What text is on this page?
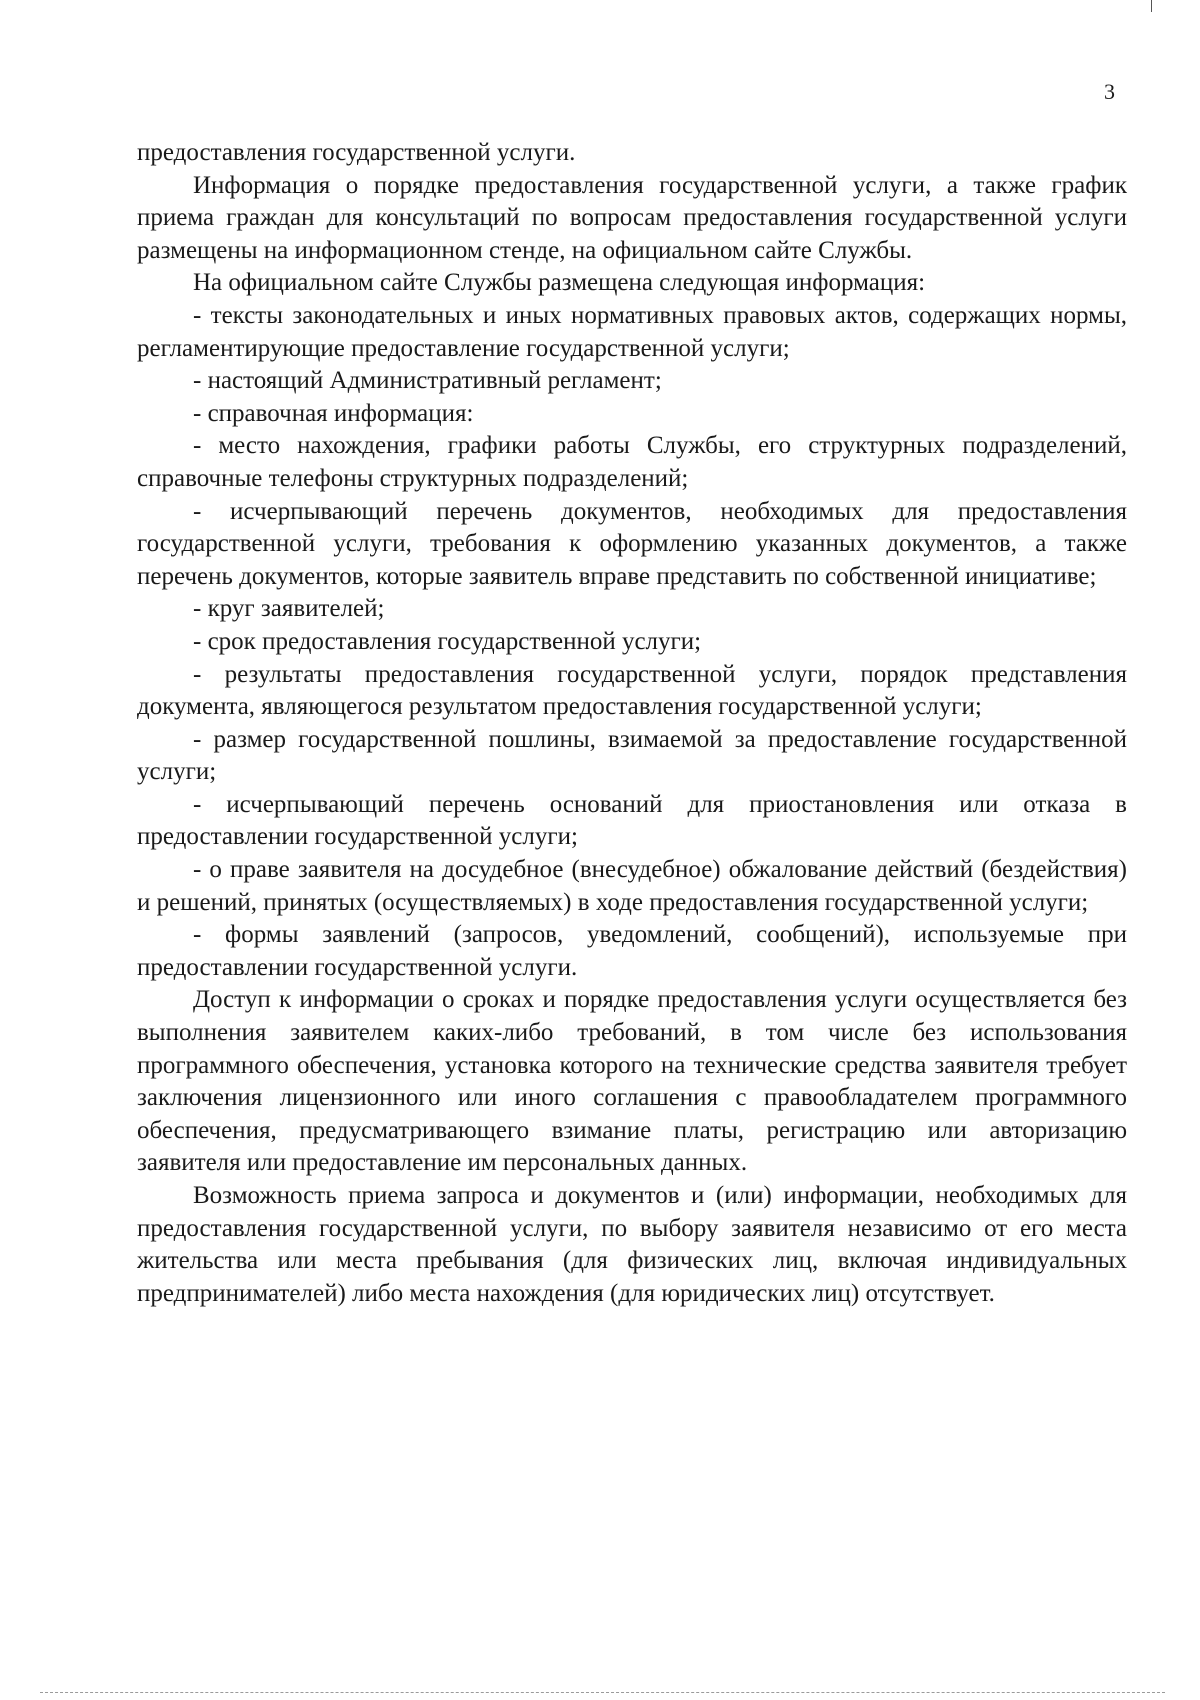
3

предоставления государственной услуги.

Информация о порядке предоставления государственной услуги, а также график приема граждан для консультаций по вопросам предоставления государственной услуги размещены на информационном стенде, на официальном сайте Службы.

На официальном сайте Службы размещена следующая информация:

- тексты законодательных и иных нормативных правовых актов, содержащих нормы, регламентирующие предоставление государственной услуги;

- настоящий Административный регламент;

- справочная информация:

- место нахождения, графики работы Службы, его структурных подразделений, справочные телефоны структурных подразделений;

- исчерпывающий перечень документов, необходимых для предоставления государственной услуги, требования к оформлению указанных документов, а также перечень документов, которые заявитель вправе представить по собственной инициативе;

- круг заявителей;

- срок предоставления государственной услуги;

- результаты предоставления государственной услуги, порядок представления документа, являющегося результатом предоставления государственной услуги;

- размер государственной пошлины, взимаемой за предоставление государственной услуги;

- исчерпывающий перечень оснований для приостановления или отказа в предоставлении государственной услуги;

- о праве заявителя на досудебное (внесудебное) обжалование действий (бездействия) и решений, принятых (осуществляемых) в ходе предоставления государственной услуги;

- формы заявлений (запросов, уведомлений, сообщений), используемые при предоставлении государственной услуги.

Доступ к информации о сроках и порядке предоставления услуги осуществляется без выполнения заявителем каких-либо требований, в том числе без использования программного обеспечения, установка которого на технические средства заявителя требует заключения лицензионного или иного соглашения с правообладателем программного обеспечения, предусматривающего взимание платы, регистрацию или авторизацию заявителя или предоставление им персональных данных.

Возможность приема запроса и документов и (или) информации, необходимых для предоставления государственной услуги, по выбору заявителя независимо от его места жительства или места пребывания (для физических лиц, включая индивидуальных предпринимателей) либо места нахождения (для юридических лиц) отсутствует.
